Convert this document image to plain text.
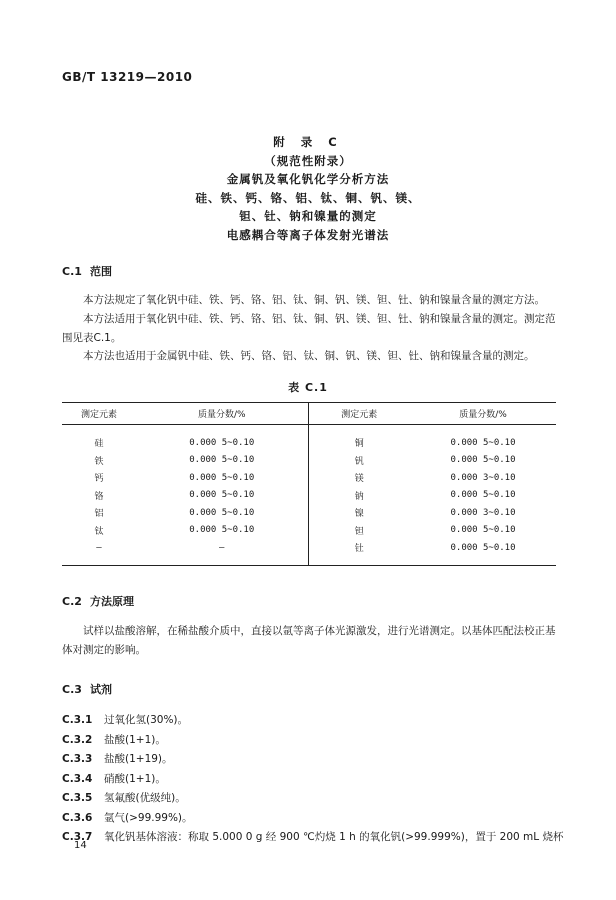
GB/T 13219—2010
附 录 C
（规范性附录）
金属钒及氧化钒化学分析方法
硅、铁、钙、铬、铝、钛、铜、钒、镁、
钽、钍、钠和镍量的测定
电感耦合等离子体发射光谱法
C.1 范围
本方法规定了氧化钒中硅、铁、钙、铬、铝、钛、铜、钒、镁、钽、钍、钠和镍量含量的测定方法。
本方法适用于氧化钒中硅、铁、钙、铬、铝、钛、铜、钒、镁、钽、钍、钠和镍量含量的测定。测定范围见表C.1。
本方法也适用于金属钒中硅、铁、钙、铬、铝、钛、铜、钒、镁、钽、钍、钠和镍量含量的测定。
表 C.1
测定元素	质量分数/%	测定元素	质量分数/%
硅	0.000 5~0.10	铜	0.000 5~0.10
铁	0.000 5~0.10	钒	0.000 5~0.10
钙	0.000 5~0.10	镁	0.000 3~0.10
铬	0.000 5~0.10	钠	0.000 5~0.10
铝	0.000 5~0.10	镍	0.000 3~0.10
钛	0.000 5~0.10	钽	0.000 5~0.10
—	—	钍	0.000 5~0.10
C.2 方法原理
试样以盐酸溶解，在稀盐酸介质中，直接以氩等离子体光源激发，进行光谱测定。以基体匹配法校正基体对测定的影响。
C.3 试剂
C.3.1 过氧化氢(30%)。
C.3.2 盐酸(1+1)。
C.3.3 盐酸(1+19)。
C.3.4 硝酸(1+1)。
C.3.5 氢氟酸(优级纯)。
C.3.6 氩气(>99.99%)。
C.3.7 氧化钒基体溶液：称取 5.000 0 g 经 900 ℃灼烧 1 h 的氧化钒(>99.999%)，置于 200 mL 烧杯
14
